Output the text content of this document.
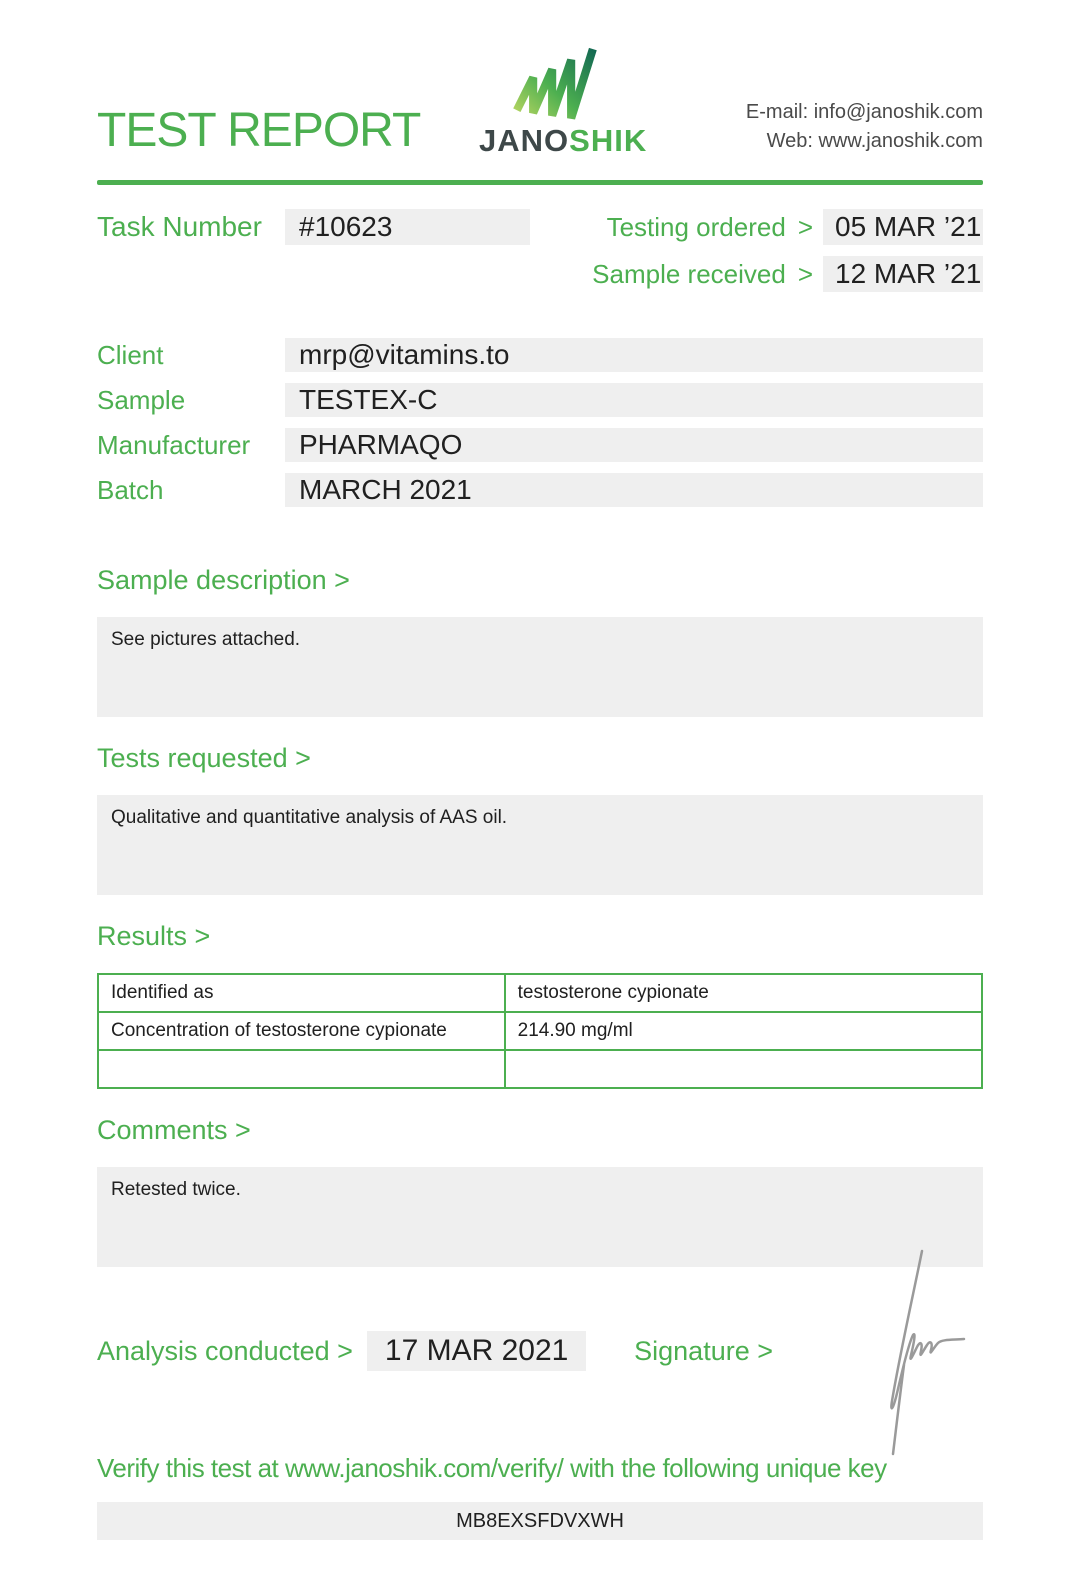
TEST REPORT JANOSHIK
E-mail: info@janoshik.com
Web: www.janoshik.com
Task Number	#10623	Testing ordered > 05 MAR ’21
Sample received > 12 MAR ’21
Client	mrp@vitamins.to
Sample	TESTEX-C
Manufacturer	PHARMAQO
Batch	MARCH 2021
Sample description >
See pictures attached.
Tests requested >
Qualitative and quantitative analysis of AAS oil.
Results >
Identified as	testosterone cypionate
Concentration of testosterone cypionate	214.90 mg/ml

Comments >
Retested twice.
Analysis conducted >	17 MAR 2021	Signature >
Verify this test at www.janoshik.com/verify/ with the following unique key
MB8EXSFDVXWH
